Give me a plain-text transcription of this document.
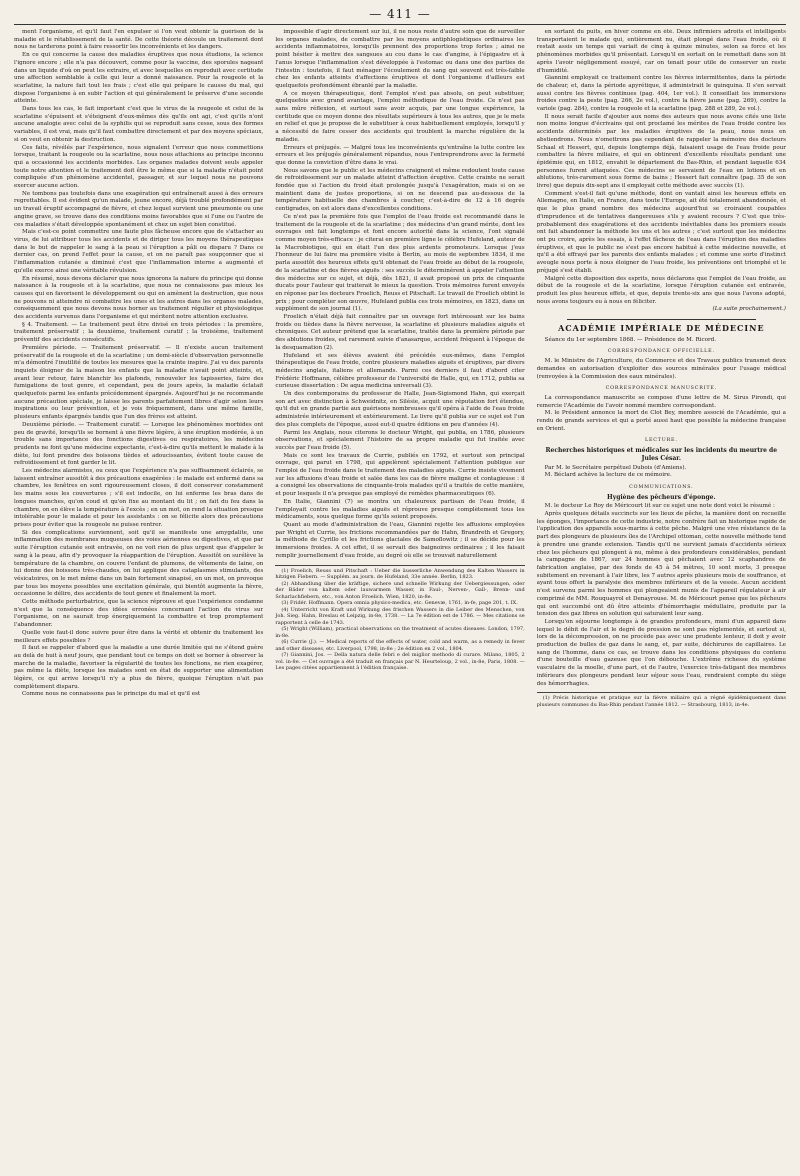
— 411 —

ment l'organisme, et qu'il faut l'en expulser si l'on veut obtenir la guérison de la maladie et le rétablissement de la santé. De cette théorie découle un traitement dont nous ne tarderons point à faire ressortir les inconvénients et les dangers.

En ce qui concerne la cause des maladies éruptives que nous étudions, la science l'ignore encore ; elle n'a pas découvert, comme pour la vaccine, des sporules nageant dans un liquide d'où on peut les extraire, et avec lesquelles on reproduit avec certitude une affection semblable à celle qui leur a donné naissance. Pour la rougeole et la scarlatine, la nature fait tout les frais ; c'est elle qui prépare le causse du mal, qui dispose l'organisme à en subir l'action et qui généralement le préserve d'une seconde atteinte.

Dans tous les cas, le fait important c'est que le virus de la rougeole et celui de la scarlatine s'épuisent et s'éteignent d'eux-mêmes dès qu'ils ont agi, c'est qu'ils n'ont aucune analogie avec celui de la syphilis qui se reproduit sans cesse, sous des formes variables, il est vrai, mais qu'il faut combattre directement et par des moyens spéciaux, si on veut en obtenir la destruction.

Ces faits, révélés par l'expérience, nous signalent l'erreur que nous commettions lorsque, traitant la rougeole ou la scarlatine, nous nous attachions au principe inconnu qui a occasionné les accidents morbides. Les organes malades doivent seuls appeler toute notre attention et le traitement doit être le même que si la maladie n'était point compliquée d'un phénomène accidentel, passager, et sur lequel nous ne pouvons exercer aucune action.

Ne tombons pas toutefois dans une exagération qui entraînerait aussi à des erreurs regrettables. Il est évident qu'un malade, jeune encore, déjà troublé profondément par un travail éruptif accompagné de fièvre, et chez lequel survient une pneumonie ou une angine grave, se trouve dans des conditions moins favorables que si l'une ou l'autre de ces maladies s'était développée spontanément et chez un sujet bien constitué.

Mais c'est-ce point commettre une faute plus fâcheuse encore que de s'attacher au virus, de lui attribuer tous les accidents et de diriger tous les moyens thérapeutiques dans le but de rappeler le sang à la peau si l'éruption a pâli ou disparu ? Dans ce dernier cas, on prend l'effet pour la cause, et on ne paraît pas soupçonner que si l'inflammation cutanée a diminué c'est que l'inflammation interne a augmenté et qu'elle exerce ainsi une véritable révulsion.

En résumé, nous devons déclarer que nous ignorons la nature du principe qui donne naissance à la rougeole et à la scarlatine, que nous ne connaissons pas mieux les causes qui en favorisent le développement ou qui en amènent la destruction, que nous ne pouvons ni atteindre ni combattre les unes et les autres dans les organes malades, conséquemment que nous devons nous borner au traitement régulier et physiologique des accidents survenus dans l'organisme et qui méritent notre attention exclusive.

§ 4. Traitement. — Le traitement peut être divisé en trois périodes : la première, traitement préservatif ; la deuxième, traitement curatif ; la troisième, traitement préventif des accidents consécutifs.

Première période. — Traitement préservatif. — Il n'existe aucun traitement préservatif de la rougeole et de la scarlatine ; un demi-siècle d'observation personnelle m'a démontré l'inutilité de toutes les mesures que la crainte inspire. J'ai vu des parents inquiets éloigner de la maison les enfants que la maladie n'avait point atteints, et, avant leur retour, faire blanchir les plafonds, renouveler les tapisseries, faire des fumigations de tout genre, et cependant, peu de jours après, la maladie éclatait quelquefois parmi les enfants précédemment épargnés. Aujourd'hui je ne recommande aucune précaution spéciale, je laisse les parents parfaitement libres d'agir selon leurs inspirations ou leur prévention, et je vois fréquemment, dans une même famille, plusieurs enfants épargnés tandis que l'un des frères est atteint.

Deuxième période. — Traitement curatif. — Lorsque les phénomènes morbides ont peu de gravité, lorsqu'ils se bornent à une fièvre légère, à une éruption modérée, à un trouble sans importance des fonctions digestives ou respiratoires, les médecins prudents ne font qu'une médecine expectante, c'est-à-dire qu'ils mettent le malade à la diète, lui font prendre des boissons tièdes et adoucissantes, évitent toute cause de refroidissement et font garder le lit.

Les médecins alarmistes, ou ceux que l'expérience n'a pas suffisamment éclairés, se laissent entraîner aussitôt à des précautions exagérées : le malade est enfermé dans sa chambre, les fenêtres en sont rigoureusement closes, il doit conserver constamment les mains sous les couvertures ; s'il est indocile, on lui enferme les bras dans de longues manches, qu'on coud et qu'on fixe au montant du lit ; on fait du feu dans la chambre, on en élève la température à l'excès ; en un mot, on rend la situation presque intolérable pour le malade et pour les assistants : on se félicite alors des précautions prises pour éviter que la rougeole ne puisse rentrer.

Si des complications surviennent, soit qu'il se manifeste une amygdalite, une inflammation des membranes muqueuses des voies aériennes ou digestives, et que par suite l'éruption cutanée soit entravée, on ne voit rien de plus urgent que d'appeler le sang à la peau, afin d'y provoquer la réapparition de l'éruption. Aussitôt on surélève la température de la chambre, on couvre l'enfant de plumons, de vêtements de laine, on lui donne des boissons très-chaudes, on lui applique des cataplasmes stimulants, des vésicatoires, on le met même dans un bain fortement sinapisé, en un mot, on provoque par tous les moyens possibles une excitation générale, qui bientôt augmente la fièvre, occasionne le délire, des accidents de tout genre et finalement la mort.

Cette méthode perturbatrice, que la science réprouve et que l'expérience condamne n'est que la conséquence des idées erronées concernant l'action du virus sur l'organisme, on ne saurait trop énergiquement la combattre et trop promptement l'abandonner.

Quelle voie faut-il donc suivre pour être dans la vérité et obtenir du traitement les meilleurs effets possibles ?

Il faut se rappeler d'abord que la maladie a une durée limitée qui ne s'étend guère au delà de huit à neuf jours, que pendant tout ce temps on doit se borner à observer la marche de la maladie, favoriser la régularité de toutes les fonctions, ne rien exagérer, pas même la diète, lorsque les malades sont en état de supporter une alimentation légère, ce qui arrive lorsqu'il n'y a plus de fièvre, quoique l'éruption n'ait pas complètement disparu.

Comme nous ne connaissons pas le principe du mal et qu'il est

impossible d'agir directement sur lui, il ne nous reste d'autre soin que de surveiller les organes malades, de combattre par les moyens antiphlogistiques ordinaires les accidents inflammatoires, lorsqu'ils prennent des proportions trop fortes ; ainsi ne point hésiter à mettre des sangsues au cou dans le cas d'angine, à l'épigastre et à l'anus lorsque l'inflammation s'est développée à l'estomac ou dans une des parties de l'intestin : toutefois, il faut ménager l'écoulement du sang qui souvent est très-faible chez les enfants atteints d'affections éruptives et dont l'organisme d'ailleurs est quelquefois profondément ébranlé par la maladie.

A ce moyen thérapeutique, dont l'emploi n'est pas absolu, on peut substituer, quelquefois avec grand avantage, l'emploi méthodique de l'eau froide. Ce n'est pas sans mûre réflexion, et surtout sans avoir acquis, par une longue expérience, la certitude que ce moyen donne des résultats supérieurs à tous les autres, que je le mets en relief et que je propose de le substituer à ceux habituellement employés, lorsqu'il y a nécessité de faire cesser des accidents qui troublent la marche régulière de la maladie.

Erreurs et préjugés. — Malgré tous les inconvénients qu'entraîne la lutte contre les erreurs et les préjugés généralement répandus, nous l'entreprendrons avec la fermeté que donne la conviction d'être dans le vrai.

Nous savons que le public et les médecins craignent et même redoutent toute cause de refroidissement sur un malade atteint d'affection éruptive. Cette crainte ne serait fondée que si l'action du froid était prolongée jusqu'à l'exagération, mais si on se maintient dans de justes proportions, si on ne descend pas au-dessous de la température habituelle des chambres à coucher, c'est-à-dire de 12 à 16 degrés centigrades, on est alors dans d'excellentes conditions.

Ce n'est pas la première fois que l'emploi de l'eau froide est recommandé dans le traitement de la rougeole et de la scarlatine ; des médecins d'un grand mérite, dont les ouvrages ont fait longtemps et font encore autorité dans la science, l'ont signalé comme moyen très-efficace : je citerai en première ligne le célèbre Hufeland, auteur de la Macrobiotique, qui en était l'un des plus ardents promoteurs. Lorsque j'eus l'honneur de lui faire ma première visite à Berlin, au mois de septembre 1834, il me parla aussitôt des heureux effets qu'il obtenait de l'eau froide au début de la rougeole, de la scarlatine et des fièvres aiguës : ses succès le déterminèrent à appeler l'attention des médecins sur ce sujet, et déjà, dès 1821, il avait proposé un prix de cinquante ducats pour l'auteur qui traiterait le mieux la question. Trois mémoires furent envoyés en réponse par les docteurs Froelich, Reuss et Pitschaft. Le travail de Froelich obtint le prix ; pour compléter son œuvre, Hufeland publia ces trois mémoires, en 1823, dans un supplément de son journal (1).

Froelich n'était déjà fait connaître par un ouvrage fort intéressant sur les bains froids ou tièdes dans la fièvre nerveuse, la scarlatine et plusieurs maladies aiguës et chroniques. Cet auteur prétend que la scarlatine, traitée dans la première période par des ablutions froides, est rarement suivie d'anasarque, accident fréquent à l'époque de la desquamation (2).

Hufeland et ses élèves avaient été précédés eux-mêmes, dans l'emploi thérapeutique de l'eau froide, contre plusieurs maladies aiguës et éruptives, par divers médecins anglais, italiens et allemands. Parmi ces derniers il faut d'abord citer Frédéric Hoffmann, célèbre professeur de l'université de Halle, qui, en 1712, publia sa curieuse dissertation : De aqua medicina universali (3).

Un des contemporains du professeur de Halle, Jean-Sigismond Hahn, qui exerçait son art avec distinction à Schweidnitz, en Silésie, acquit une réputation fort étendue, qu'il dut en grande partie aux guérisons nombreuses qu'il opéra à l'aide de l'eau froide administrée intérieurement et extérieurement. Le livre qu'il publia sur ce sujet est l'un des plus complets de l'époque, aussi eut-il quatre éditions en peu d'années (4).

Parmi les Anglais, nous citerons le docteur Wright, qui publia, en 1786, plusieurs observations, et spécialement l'histoire de sa propre maladie qui fut traitée avec succès par l'eau froide (5).

Mais ce sont les travaux de Currie, publiés en 1792, et surtout son principal ouvrage, qui parut en 1798, qui appelèrent spécialement l'attention publique sur l'emploi de l'eau froide dans le traitement des maladies aiguës. Currie insiste vivement sur les affusions d'eau froide et salée dans les cas de fièvre maligne et contagieuse : il a consigné les observations de cinquante-trois malades qu'il a traités de cette manière, et pour lesquels il n'a presque pas employé de remèdes pharmaceutiques (6).

En Italie, Giannini (7) se montra un chaleureux partisan de l'eau froide, il l'employait contre les maladies aiguës et réprouve presque complètement tous les médicaments, sous quelque forme qu'ils soient proposés.

Quant au mode d'administration de l'eau, Giannini rejette les affusions employées par Wright et Currie, les frictions recommandées par de Hahn, Brandreth et Gregory, la méthode de Cyrillo et les frictions glaciales de Samoïlowitz ; il se décide pour les immersions froides. A cet effet, il se servait des baignoires ordinaires ; il les faisait remplir journellement d'eau froide, au degré où elle se trouvait naturellement

(1) Froelich, Reuss und Pitschaft : Ueber die äusserliche Anwendung des Kalten Wassers in hitzigen Fiebern. — Supplém. au journ. de Hufeland, 33e année. Berlin, 1823.

(2) Abhandlung über die kräftige, sichere und schnelle Wirkung der Uebergiessungen, oder der Bäder von kaltem oder lauwarmem Wasser, in Faul-, Nerven-, Gall-, Brenn- und Scharlachfiebern, etc., von Anton Froelich. Wien, 1820, in-8e.

(3) Fridér. Hoffmann. Opera omnia physico-medica, etc. Genevæ, 1761, in-fe, page 201, t. IX.

(4) Unterricht von Kraft und Wirkung des frischen Wassers in die Leiber des Menschen, von Joh. Sieg. Hahn, Breslau et Leipzig, in-8e, 1738. — La 7e édition est de 1786. — Mes citations se rapportent à celle de 1743.

(5) Wright (William), practical observations on the treatment of acutes diseases. London, 1797, in-8e.

(6) Currie (J.). — Medical reports of the effects of water, cold and warm, as a remedy in fever and other diseases, etc. Liverpool, 1798, in-8e ; 2e édition en 2 vol., 1804.

(7) Giannini, Jos. — Della natura delle febri e del miglior methodo di curare. Milano, 1805, 2 vol. in-8e. — Cet ouvrage a été traduit en français par N. Heurteloup, 2 vol., in-8e, Paris, 1808. — Les pages citées appartiennent à l'édition française.

en sortant du puits, en hiver comme en été. Deux infirmiers adroits et intelligents transportaient le malade qui, entièrement nu, était plongé dans l'eau froide, où il restait assis un temps qui variait de cinq à quinze minutes, selon sa force et les phénomènes morbides qu'il présentait. Lorsqu'il en sortait on le remettait dans son lit après l'avoir négligemment essuyé, car on tenait pour utile de conserver un reste d'humidité.

Giannini employait ce traitement contre les fièvres intermittentes, dans la période de chaleur, et, dans la période apyrétique, il administrait le quinquina. Il s'en servait aussi contre les fièvres continues (pag. 404, 1er vol.). Il conseillait les immersions froides contre la peste (pag. 266, 2e vol.), contre la fièvre jaune (pag. 269), contre la variole (pag. 284), contre la rougeole et la scarlatine (pag. 288 et 289, 2e vol.).

Il nous serait facile d'ajouter aux noms des auteurs que nous avons cités une liste non moins longue d'écrivains qui ont proclamé les mérites de l'eau froide contre les accidents déterminés par les maladies éruptives de la peau, nous nous en abstiendrons. Nous n'omettrons pas cependant de rappeler la mémoire des docteurs Schaal et Hessert, qui, depuis longtemps déjà, faisaient usage de l'eau froide pour combattre la fièvre miliaire, et qui en obtinrent d'excellents résultats pendant une épidémie qui, en 1812, envahit le département du Bas-Rhin, et pendant laquelle 634 personnes furent attaquées. Ces médecins se servaient de l'eau en lotions et en ablutions, très-rarement sous forme de bains ; Hessert fait connaître (pag. 35 de son livre) que depuis dix-sept ans il employait cette méthode avec succès (1).

Comment s'est-il fait qu'une méthode, dont on vantait ainsi les heureux effets en Allemagne, en Italie, en France, dans toute l'Europe, ait été totalement abandonnée, et que le plus grand nombre des médecins aujourd'hui se croiraient coupables d'imprudence et de tentatives dangereuses s'ils y avaient recours ? C'est que très-probablement des exagérations et des accidents inévitables dans les premiers essais ont fait abandonner la méthode les uns et les autres ; c'est surtout que les médecins ont pu croire, après les essais, à l'effet fâcheux de l'eau dans l'éruption des maladies éruptives, et que le public ne s'est pas encore habitué à cette médecine nouvelle, et qu'il a été effrayé par les parents des enfants malades ; et comme une sorte d'instinct aveugle nous porte à nous éloigner de l'eau froide, les préventions ont triomphé et le préjugé s'est établi.

Malgré cette disposition des esprits, nous déclarons que l'emploi de l'eau froide, au début de la rougeole et de la scarlatine, lorsque l'éruption cutanée est entravée, produit les plus heureux effets, et que, depuis trente-six ans que nous l'avons adopté, nous avons toujours eu à nous en féliciter.

(La suite prochainement.)

ACADÉMIE IMPÉRIALE DE MÉDECINE

Séance du 1er septembre 1868. — Présidence de M. Ricord.

CORRESPONDANCE OFFICIELLE.

M. le Ministre de l'Agriculture, du Commerce et des Travaux publics transmet deux demandes en autorisation d'exploiter des sources minérales pour l'usage médical (renvoyées à la Commission des eaux minérales).

CORRESPONDANCE MANUSCRITE.

La correspondance manuscrite se compose d'une lettre de M. Sirus Pirondi, qui remercie l'Académie de l'avoir nommé membre correspondant.

M. le Président annonce la mort de Clot Bey, membre associé de l'Académie, qui a rendu de grands services et qui a porté aussi haut que possible la médecine française en Orient.

LECTURE.
Recherches historiques et médicales sur les incidents du meurtre de Jules César.

Par M. le Secrétaire perpétuel Dubois (d'Amiens).

M. Béclard achève la lecture de ce mémoire.

COMMUNICATIONS.
Hygiène des pêcheurs d'éponge.

M. le docteur Le Roy de Méricourt lit sur ce sujet une note dont voici le résumé :

Après quelques détails succincts sur les lieux de pêche, la manière dont on recueille les éponges, l'importance de cette industrie, notre confrère fait un historique rapide de l'application des appareils sous-marins à cette pêche. Malgré une vive résistance de la part des plongeurs de plusieurs îles de l'Archipel ottoman, cette nouvelle méthode tend à prendre une grande extension. Tandis qu'il ne survient jamais d'accidents sérieux chez les pêcheurs qui plongent à nu, même à des profondeurs considérables, pendant la campagne de 1867, sur 24 hommes qui pêchaient avec 12 scaphandres de fabrication anglaise, par des fonds de 45 à 54 mètres, 10 sont morts, 3 presque subitement en revenant à l'air libre, les 7 autres après plusieurs mois de souffrance, et ayant tous offert la paralysie des membres inférieurs et de la vessie. Aucun accident n'est survenu parmi les hommes qui plongeaient munis de l'appareil régulateur à air comprimé de MM. Rouquayrol et Denayrouse. M. de Méricourt pense que les pêcheurs qui ont succombé ont dû être atteints d'hémorrhagie médullaire, produite par la tension des gaz libres en solution qui saturaient leur sang.

Lorsqu'on séjourne longtemps à de grandes profondeurs, muni d'un appareil dans lequel le débit de l'air et le degré de pression ne sont pas réglementés, et surtout si, lors de la décompression, on ne procède pas avec une prudente lenteur, il doit y avoir production de bulles de gaz dans le sang, et, par suite, déchirures de capillaires. Le sang de l'homme, dans ce cas, se trouve dans les conditions physiques du contenu d'une bouteille d'eau gazeuse que l'on débouche. L'extrême richesse du système vasculaire de la moelle, d'une part, et de l'autre, l'exercice très-fatigant des membres inférieurs des plongeurs pendant leur séjour sous l'eau, rendraient compte du siège des hémorrhagies.

(1) Précis historique et pratique sur la fièvre miliaire qui a régné épidémiquement dans plusieurs communes du Bas-Rhin pendant l'année 1812. — Strasbourg, 1813, in-4e.
